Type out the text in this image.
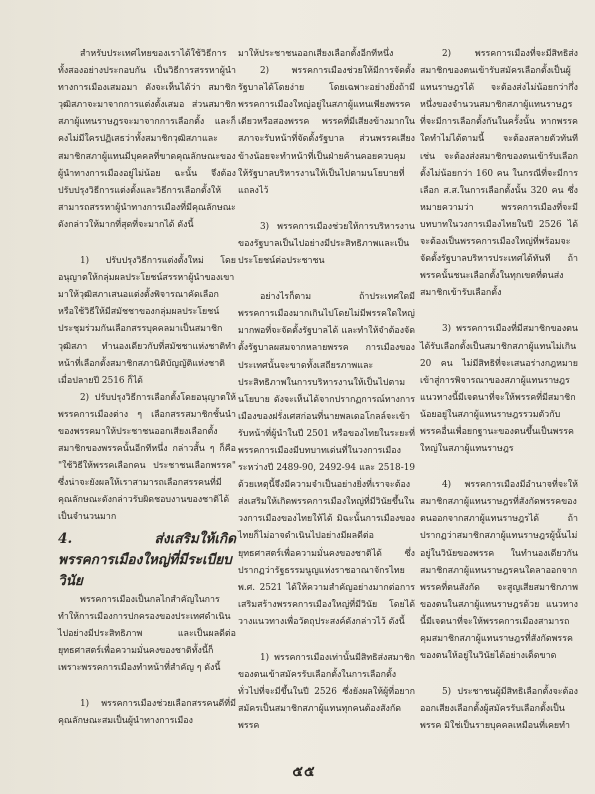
สำหรับประเทศไทยของเราได้ใช้วิธีการทั้งสองอย่างประกอบกัน เป็นวิธีการสรรหาผู้นำทางการเมืองเสมอมา ดังจะเห็นได้ว่า สมาชิกวุฒิสภาจะมาจากการแต่งตั้งเสมอ ส่วนสมาชิกสภาผู้แทนราษฎรจะมาจากการเลือกตั้ง และก็คงไม่มีใครปฏิเสธว่าทั้งสมาชิกวุฒิสภาและสมาชิกสภาผู้แทนมีบุคคลที่ขาดคุณลักษณะของผู้นำทางการเมืองอยู่ไม่น้อย ฉะนั้น จึงต้องปรับปรุงวิธีการแต่งตั้งและวิธีการเลือกตั้งให้สามารถสรรหาผู้นำทางการเมืองที่มีคุณลักษณะดังกล่าวให้มากที่สุดที่จะมากได้ ดังนี้

1) ปรับปรุงวิธีการแต่งตั้งใหม่ โดยอนุญาตให้กลุ่มผลประโยชน์สรรหาผู้นำของเขามาให้วุฒิสภาเสนอแต่งตั้งพิจารณาคัดเลือก หรือใช้วิธีให้มีสมัชชาของกลุ่มผลประโยชน์ประชุมร่วมกันเลือกสรรบุคคลมาเป็นสมาชิกวุฒิสภา ทำนองเดียวกับที่สมัชชาแห่งชาติทำหน้าที่เลือกตั้งสมาชิกสภานิติบัญญัติแห่งชาติเมื่อปลายปี 2516 ก็ได้

2) ปรับปรุงวิธีการเลือกตั้งโดยอนุญาตให้พรรคการเมืองต่าง ๆ เลือกสรรสมาชิกชั้นนำของพรรคมาให้ประชาชนออกเสียงเลือกตั้งสมาชิกของพรรคนั้นอีกทีหนึ่ง กล่าวสั้น ๆ ก็คือ "ใช้วิธีให้พรรคเลือกคน ประชาชนเลือกพรรค" ซึ่งน่าจะยังผลให้เราสามารถเลือกสรรคนที่มีคุณลักษณะดังกล่าวรับผิดชอบงานของชาติได้เป็นจำนวนมาก

4. ส่งเสริมให้เกิดพรรคการเมืองใหญ่ที่มีระเบียบวินัย

พรรคการเมืองเป็นกลไกสำคัญในการทำให้การเมืองการปกครองของประเทศดำเนินไปอย่างมีประสิทธิภาพ และเป็นผลดีต่อยุทธศาสตร์เพื่อความมั่นคงของชาติทั้งนี้ก็เพราะพรรคการเมืองทำหน้าที่สำคัญ ๆ ดังนี้

1) พรรคการเมืองช่วยเลือกสรรคนดีที่มีคุณลักษณะสมเป็นผู้นำทางการเมือง

มาให้ประชาชนออกเสียงเลือกตั้งอีกทีหนึ่ง

2) พรรคการเมืองช่วยให้มีการจัดตั้งรัฐบาลได้โดยง่าย โดยเฉพาะอย่างยิ่งถ้ามีพรรคการเมืองใหญ่อยู่ในสภาผู้แทนเพียงพรรคเดียวหรือสองพรรค พรรคที่มีเสียงข้างมากในสภาจะรับหน้าที่จัดตั้งรัฐบาล ส่วนพรรคเสียงข้างน้อยจะทำหน้าที่เป็นฝ่ายค้านคอยควบคุมให้รัฐบาลบริหารงานให้เป็นไปตามนโยบายที่แถลงไว้

3) พรรคการเมืองช่วยให้การบริหารงานของรัฐบาลเป็นไปอย่างมีประสิทธิภาพและเป็นประโยชน์ต่อประชาชน

อย่างไรก็ตาม ถ้าประเทศใดมีพรรคการเมืองมากเกินไปโดยไม่มีพรรคใดใหญ่มากพอที่จะจัดตั้งรัฐบาลได้ และทำให้จำต้องจัดตั้งรัฐบาลผสมจากหลายพรรค การเมืองของประเทศนั้นจะขาดทั้งเสถียรภาพและประสิทธิภาพในการบริหารงานให้เป็นไปตามนโยบาย ดังจะเห็นได้จากปรากฏการณ์ทางการเมืองของฝรั่งเศสก่อนที่นายพลเดอโกลล์จะเข้ารับหน้าที่ผู้นำในปี 2501 หรือของไทยในระยะที่พรรคการเมืองมีบทบาทเด่นที่ในวงการเมืองระหว่างปี 2489-90, 2492-94 และ 2518-19 ด้วยเหตุนี้จึงมีความจำเป็นอย่างยิ่งที่เราจะต้องส่งเสริมให้เกิดพรรคการเมืองใหญ่ที่มีวินัยขึ้นในวงการเมืองของไทยให้ได้ มิฉะนั้นการเมืองของไทยก็ไม่อาจดำเนินไปอย่างมีผลดีต่อยุทธศาสตร์เพื่อความมั่นคงของชาติได้ ซึ่งปรากฏว่ารัฐธรรมนูญแห่งราชอาณาจักรไทย พ.ศ. 2521 ได้ให้ความสำคัญอย่างมากต่อการเสริมสร้างพรรคการเมืองใหญ่ที่มีวินัย โดยได้วางแนวทางเพื่อวัตถุประสงค์ดังกล่าวไว้ ดังนี้

1) พรรคการเมืองเท่านั้นมีสิทธิส่งสมาชิกของตนเข้าสมัครรับเลือกตั้งในการเลือกตั้งทั่วไปที่จะมีขึ้นในปี 2526 ซึ่งยังผลให้ผู้ที่อยากสมัครเป็นสมาชิกสภาผู้แทนทุกคนต้องสังกัดพรรค

2) พรรคการเมืองที่จะมีสิทธิส่งสมาชิกของตนเข้ารับสมัครเลือกตั้งเป็นผู้แทนราษฎรได้ จะต้องส่งไม่น้อยกว่ากึ่งหนึ่งของจำนวนสมาชิกสภาผู้แทนราษฎรที่จะมีการเลือกตั้งกันในครั้งนั้น หากพรรคใดทำไม่ได้ตามนี้ จะต้องสลายตัวทันที เช่น จะต้องส่งสมาชิกของตนเข้ารับเลือกตั้งไม่น้อยกว่า 160 คน ในกรณีที่จะมีการเลือก ส.ส.ในการเลือกตั้งนั้น 320 คน ซึ่งหมายความว่า พรรคการเมืองที่จะมีบทบาทในวงการเมืองไทยในปี 2526 ได้จะต้องเป็นพรรคการเมืองใหญ่ที่พร้อมจะจัดตั้งรัฐบาลบริหารประเทศได้ทันที ถ้าพรรคนั้นชนะเลือกตั้งในทุกเขตที่ตนส่งสมาชิกเข้ารับเลือกตั้ง

3) พรรคการเมืองที่มีสมาชิกของตนได้รับเลือกตั้งเป็นสมาชิกสภาผู้แทนไม่เกิน 20 คน ไม่มีสิทธิที่จะเสนอร่างกฎหมายเข้าสู่การพิจารณาของสภาผู้แทนราษฎร แนวทางนี้มีเจตนาที่จะให้พรรคที่มีสมาชิกน้อยอยู่ในสภาผู้แทนราษฎรรวมตัวกับพรรคอื่นเพื่อยกฐานะของตนขึ้นเป็นพรรคใหญ่ในสภาผู้แทนราษฎร

4) พรรคการเมืองมีอำนาจที่จะให้สมาชิกสภาผู้แทนราษฎรที่สังกัดพรรคของตนออกจากสภาผู้แทนราษฎรได้ ถ้าปรากฏว่าสมาชิกสภาผู้แทนราษฎรผู้นั้นไม่อยู่ในวินัยของพรรค ในทำนองเดียวกันสมาชิกสภาผู้แทนราษฎรคนใดลาออกจากพรรคที่ตนสังกัด จะสูญเสียสมาชิกภาพของตนในสภาผู้แทนราษฎรด้วย แนวทางนี้มีเจตนาที่จะให้พรรคการเมืองสามารถคุมสมาชิกสภาผู้แทนราษฎรที่สังกัดพรรคของตนให้อยู่ในวินัยได้อย่างเด็ดขาด

5) ประชาชนผู้มีสิทธิเลือกตั้งจะต้องออกเสียงเลือกตั้งผู้สมัครรับเลือกตั้งเป็นพรรค มิใช่เป็นรายบุคคลเหมือนที่เคยทำ

๕๕
